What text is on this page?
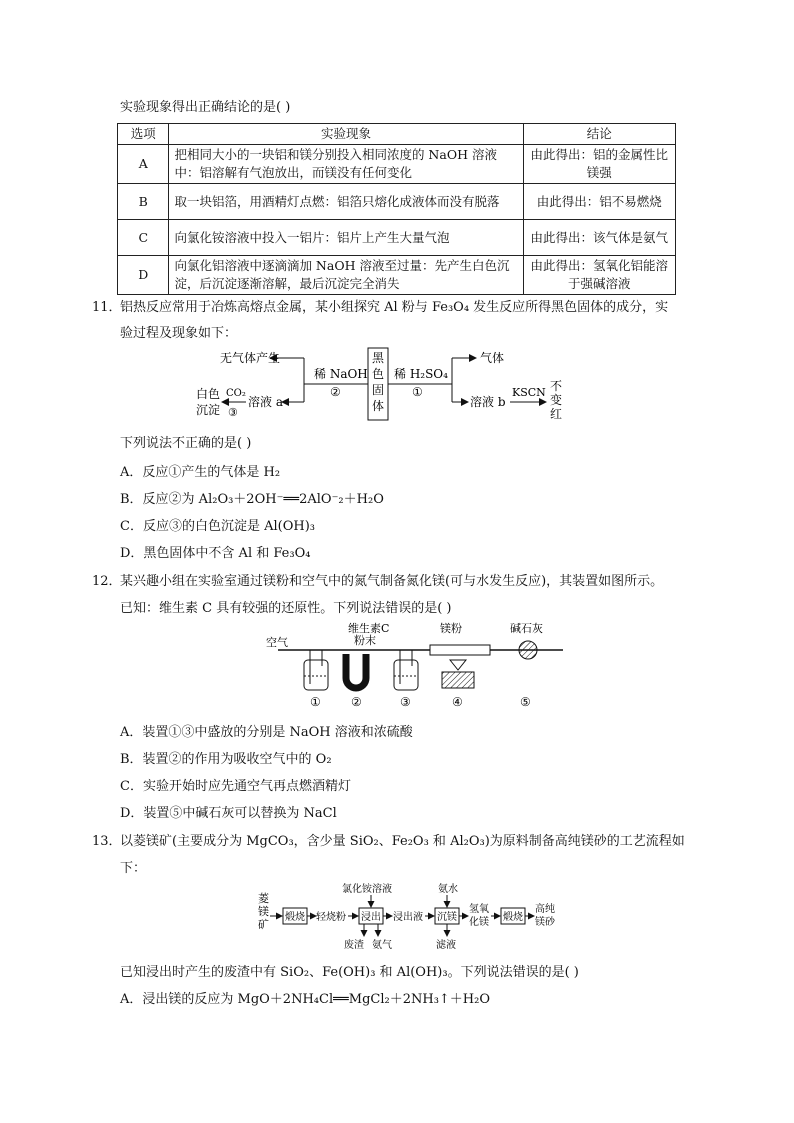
实验现象得出正确结论的是( )
选项	实验现象	结论
A	把相同大小的一块铝和镁分别投入相同浓度的 NaOH 溶液中：铝溶解有气泡放出，而镁没有任何变化	由此得出：铝的金属性比镁强
B	取一块铝箔，用酒精灯点燃：铝箔只熔化成液体而没有脱落	由此得出：铝不易燃烧
C	向氯化铵溶液中投入一铝片：铝片上产生大量气泡	由此得出：该气体是氨气
D	向氯化铝溶液中逐滴滴加 NaOH 溶液至过量：先产生白色沉淀，后沉淀逐渐溶解，最后沉淀完全消失	由此得出：氢氧化铝能溶于强碱溶液
11．
铝热反应常用于冶炼高熔点金属，某小组探究 Al 粉与 Fe₃O₄ 发生反应所得黑色固体的成分，实
验过程及现象如下：
黑
色
固
体
稀 NaOH
②
无气体产生
溶液 a
CO₂
③
白色
沉淀
稀 H₂SO₄
①
气体
溶液 b
KSCN 不
变
红
下列说法不正确的是( )
A．反应①产生的气体是 H₂
B．反应②为 Al₂O₃＋2OH⁻══2AlO⁻₂＋H₂O
C．反应③的白色沉淀是 Al(OH)₃
D．黑色固体中不含 Al 和 Fe₃O₄
12．
某兴趣小组在实验室通过镁粉和空气中的氮气制备氮化镁(可与水发生反应)，其装置如图所示。
已知：维生素 C 具有较强的还原性。下列说法错误的是( )
空气
维生素C
粉末
镁粉	碱石灰
①	②	③	④	⑤
A．装置①③中盛放的分别是 NaOH 溶液和浓硫酸
B．装置②的作用为吸收空气中的 O₂
C．实验开始时应先通空气再点燃酒精灯
D．装置⑤中碱石灰可以替换为 NaCl
13．
以菱镁矿(主要成分为 MgCO₃，含少量 SiO₂、Fe₂O₃ 和 Al₂O₃)为原料制备高纯镁砂的工艺流程如
下：
菱
镁
矿
煅烧 轻烧粉 浸出
氯化铵溶液
废渣 氨气
浸出液 沉镁
氨水
滤液
氢氧
化镁 煅烧
高纯
镁砂
已知浸出时产生的废渣中有 SiO₂、Fe(OH)₃ 和 Al(OH)₃。下列说法错误的是( )
A．浸出镁的反应为 MgO＋2NH₄Cl══MgCl₂＋2NH₃↑＋H₂O
